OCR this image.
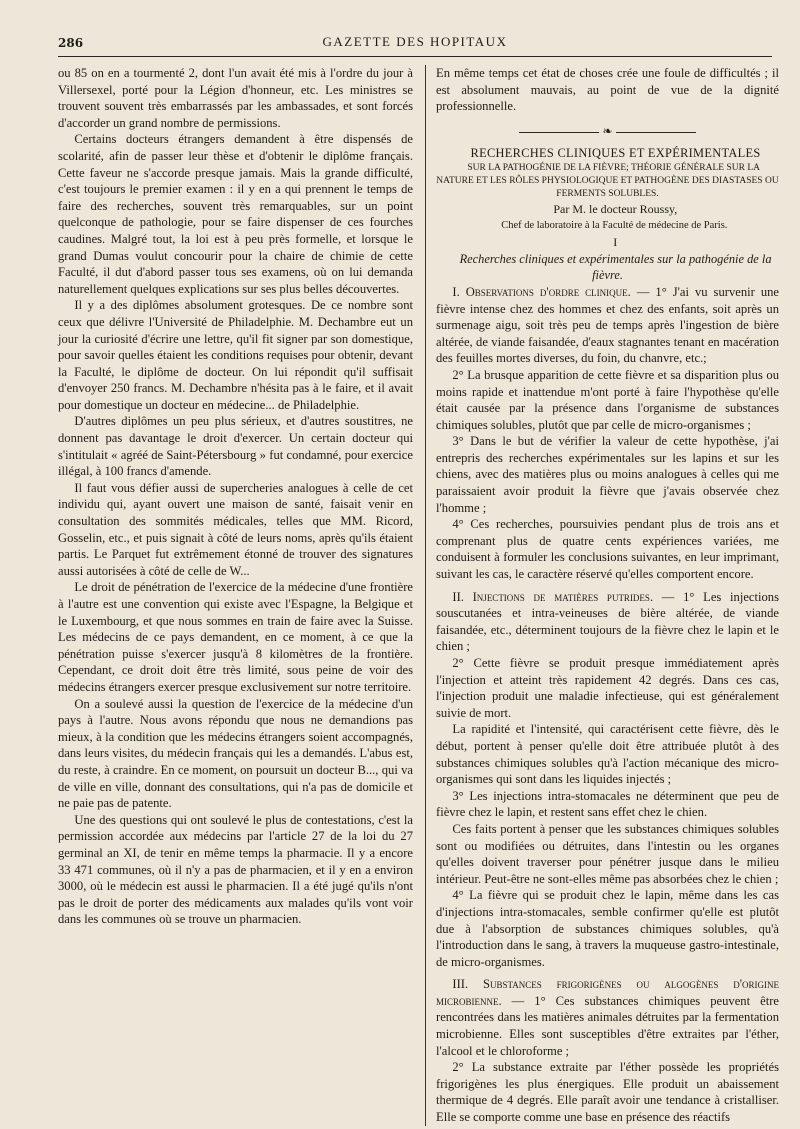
286	GAZETTE DES HOPITAUX

ou 85 on en a tourmenté 2, dont l'un avait été mis à l'ordre du jour à Villersexel, porté pour la Légion d'honneur, etc. Les ministres se trouvent souvent très embarrassés par les ambassades, et sont forcés d'accorder un grand nombre de permissions.

Certains docteurs étrangers demandent à être dispensés de scolarité, afin de passer leur thèse et d'obtenir le diplôme français. Cette faveur ne s'accorde presque jamais. Mais la grande difficulté, c'est toujours le premier examen : il y en a qui prennent le temps de faire des recherches, souvent très remarquables, sur un point quelconque de pathologie, pour se faire dispenser de ces fourches caudines. Malgré tout, la loi est à peu près formelle, et lorsque le grand Dumas voulut concourir pour la chaire de chimie de cette Faculté, il dut d'abord passer tous ses examens, où on lui demanda naturellement quelques explications sur ses plus belles découvertes.

Il y a des diplômes absolument grotesques. De ce nombre sont ceux que délivre l'Université de Philadelphie. M. Dechambre eut un jour la curiosité d'écrire une lettre, qu'il fit signer par son domestique, pour savoir quelles étaient les conditions requises pour obtenir, devant la Faculté, le diplôme de docteur. On lui répondit qu'il suffisait d'envoyer 250 francs. M. Dechambre n'hésita pas à le faire, et il avait pour domestique un docteur en médecine... de Philadelphie.

D'autres diplômes un peu plus sérieux, et d'autres soustitres, ne donnent pas davantage le droit d'exercer. Un certain docteur qui s'intitulait « agréé de Saint-Pétersbourg » fut condamné, pour exercice illégal, à 100 francs d'amende.

Il faut vous défier aussi de supercheries analogues à celle de cet individu qui, ayant ouvert une maison de santé, faisait venir en consultation des sommités médicales, telles que MM. Ricord, Gosselin, etc., et puis signait à côté de leurs noms, après qu'ils étaient partis. Le Parquet fut extrêmement étonné de trouver des signatures aussi autorisées à côté de celle de W...

Le droit de pénétration de l'exercice de la médecine d'une frontière à l'autre est une convention qui existe avec l'Espagne, la Belgique et le Luxembourg, et que nous sommes en train de faire avec la Suisse. Les médecins de ce pays demandent, en ce moment, à ce que la pénétration puisse s'exercer jusqu'à 8 kilomètres de la frontière. Cependant, ce droit doit être très limité, sous peine de voir des médecins étrangers exercer presque exclusivement sur notre territoire.

On a soulevé aussi la question de l'exercice de la médecine d'un pays à l'autre. Nous avons répondu que nous ne demandions pas mieux, à la condition que les médecins étrangers soient accompagnés, dans leurs visites, du médecin français qui les a demandés. L'abus est, du reste, à craindre. En ce moment, on poursuit un docteur B..., qui va de ville en ville, donnant des consultations, qui n'a pas de domicile et ne paie pas de patente.

Une des questions qui ont soulevé le plus de contestations, c'est la permission accordée aux médecins par l'article 27 de la loi du 27 germinal an XI, de tenir en même temps la pharmacie. Il y a encore 33 471 communes, où il n'y a pas de pharmacien, et il y en a environ 3000, où le médecin est aussi le pharmacien. Il a été jugé qu'ils n'ont pas le droit de porter des médicaments aux malades qu'ils vont voir dans les communes où se trouve un pharmacien.

En même temps cet état de choses crée une foule de difficultés ; il est absolument mauvais, au point de vue de la dignité professionnelle.

❧

RECHERCHES CLINIQUES ET EXPÉRIMENTALES

SUR LA PATHOGÉNIE DE LA FIÈVRE; THÉORIE GÉNÉRALE SUR LA NATURE ET LES RÔLES PHYSIOLOGIQUE ET PATHOGÈNE DES DIASTASES OU FERMENTS SOLUBLES.

Par M. le docteur Roussy,

Chef de laboratoire à la Faculté de médecine de Paris.

I

Recherches cliniques et expérimentales sur la pathogénie de la fièvre.

I. Observations d'ordre clinique. — 1° J'ai vu survenir une fièvre intense chez des hommes et chez des enfants, soit après un surmenage aigu, soit très peu de temps après l'ingestion de bière altérée, de viande faisandée, d'eaux stagnantes tenant en macération des feuilles mortes diverses, du foin, du chanvre, etc.;

2° La brusque apparition de cette fièvre et sa disparition plus ou moins rapide et inattendue m'ont porté à faire l'hypothèse qu'elle était causée par la présence dans l'organisme de substances chimiques solubles, plutôt que par celle de micro-organismes ;

3° Dans le but de vérifier la valeur de cette hypothèse, j'ai entrepris des recherches expérimentales sur les lapins et sur les chiens, avec des matières plus ou moins analogues à celles qui me paraissaient avoir produit la fièvre que j'avais observée chez l'homme ;

4° Ces recherches, poursuivies pendant plus de trois ans et comprenant plus de quatre cents expériences variées, me conduisent à formuler les conclusions suivantes, en leur imprimant, suivant les cas, le caractère réservé qu'elles comportent encore.

II. Injections de matières putrides. — 1° Les injections souscutanées et intra-veineuses de bière altérée, de viande faisandée, etc., déterminent toujours de la fièvre chez le lapin et le chien ;

2° Cette fièvre se produit presque immédiatement après l'injection et atteint très rapidement 42 degrés. Dans ces cas, l'injection produit une maladie infectieuse, qui est généralement suivie de mort.

La rapidité et l'intensité, qui caractérisent cette fièvre, dès le début, portent à penser qu'elle doit être attribuée plutôt à des substances chimiques solubles qu'à l'action mécanique des micro-organismes qui sont dans les liquides injectés ;

3° Les injections intra-stomacales ne déterminent que peu de fièvre chez le lapin, et restent sans effet chez le chien.

Ces faits portent à penser que les substances chimiques solubles sont ou modifiées ou détruites, dans l'intestin ou les organes qu'elles doivent traverser pour pénétrer jusque dans le milieu intérieur. Peut-être ne sont-elles même pas absorbées chez le chien ;

4° La fièvre qui se produit chez le lapin, même dans les cas d'injections intra-stomacales, semble confirmer qu'elle est plutôt due à l'absorption de substances chimiques solubles, qu'à l'introduction dans le sang, à travers la muqueuse gastro-intestinale, de micro-organismes.

III. Substances frigorigènes ou algogènes d'origine microbienne. — 1° Ces substances chimiques peuvent être rencontrées dans les matières animales détruites par la fermentation microbienne. Elles sont susceptibles d'être extraites par l'éther, l'alcool et le chloroforme ;

2° La substance extraite par l'éther possède les propriétés frigorigènes les plus énergiques. Elle produit un abaissement thermique de 4 degrés. Elle paraît avoir une tendance à cristalliser. Elle se comporte comme une base en présence des réactifs
